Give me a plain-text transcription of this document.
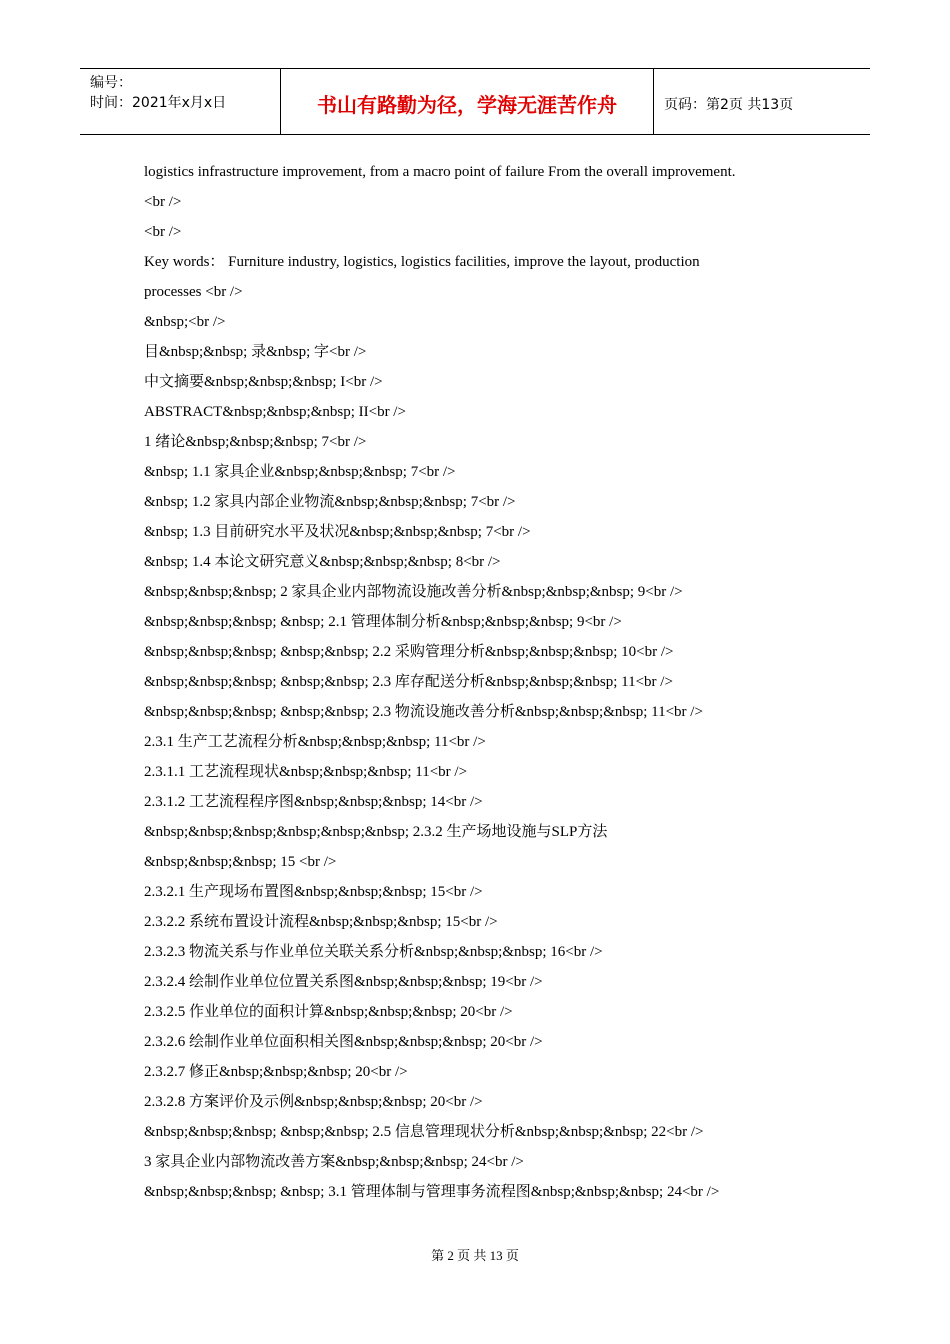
编号：
时间：2021年x月x日	书山有路勤为径，学海无涯苦作舟	页码：第2页 共13页
logistics infrastructure improvement, from a macro point of failure From the overall improvement.
<br />
<br />
Key words： Furniture industry, logistics, logistics facilities, improve the layout, production
processes <br />
&nbsp;<br />
目&nbsp;&nbsp; 录&nbsp; 字<br />
中文摘要&nbsp;&nbsp;&nbsp; I<br />
ABSTRACT&nbsp;&nbsp;&nbsp; II<br />
1 绪论&nbsp;&nbsp;&nbsp; 7<br />
&nbsp; 1.1 家具企业&nbsp;&nbsp;&nbsp; 7<br />
&nbsp; 1.2 家具内部企业物流&nbsp;&nbsp;&nbsp; 7<br />
&nbsp; 1.3 目前研究水平及状况&nbsp;&nbsp;&nbsp; 7<br />
&nbsp; 1.4 本论文研究意义&nbsp;&nbsp;&nbsp; 8<br />
&nbsp;&nbsp;&nbsp; 2 家具企业内部物流设施改善分析&nbsp;&nbsp;&nbsp; 9<br />
&nbsp;&nbsp;&nbsp; &nbsp; 2.1 管理体制分析&nbsp;&nbsp;&nbsp; 9<br />
&nbsp;&nbsp;&nbsp; &nbsp;&nbsp; 2.2 采购管理分析&nbsp;&nbsp;&nbsp; 10<br />
&nbsp;&nbsp;&nbsp; &nbsp;&nbsp; 2.3 库存配送分析&nbsp;&nbsp;&nbsp; 11<br />
&nbsp;&nbsp;&nbsp; &nbsp;&nbsp; 2.3 物流设施改善分析&nbsp;&nbsp;&nbsp; 11<br />
2.3.1 生产工艺流程分析&nbsp;&nbsp;&nbsp; 11<br />
2.3.1.1 工艺流程现状&nbsp;&nbsp;&nbsp; 11<br />
2.3.1.2 工艺流程程序图&nbsp;&nbsp;&nbsp; 14<br />
&nbsp;&nbsp;&nbsp;&nbsp;&nbsp;&nbsp; 2.3.2 生产场地设施与SLP方法
&nbsp;&nbsp;&nbsp; 15 <br />
2.3.2.1 生产现场布置图&nbsp;&nbsp;&nbsp; 15<br />
2.3.2.2 系统布置设计流程&nbsp;&nbsp;&nbsp; 15<br />
2.3.2.3 物流关系与作业单位关联关系分析&nbsp;&nbsp;&nbsp; 16<br />
2.3.2.4 绘制作业单位位置关系图&nbsp;&nbsp;&nbsp; 19<br />
2.3.2.5 作业单位的面积计算&nbsp;&nbsp;&nbsp; 20<br />
2.3.2.6 绘制作业单位面积相关图&nbsp;&nbsp;&nbsp; 20<br />
2.3.2.7 修正&nbsp;&nbsp;&nbsp; 20<br />
2.3.2.8 方案评价及示例&nbsp;&nbsp;&nbsp; 20<br />
&nbsp;&nbsp;&nbsp; &nbsp;&nbsp; 2.5 信息管理现状分析&nbsp;&nbsp;&nbsp; 22<br />
3 家具企业内部物流改善方案&nbsp;&nbsp;&nbsp; 24<br />
&nbsp;&nbsp;&nbsp; &nbsp; 3.1 管理体制与管理事务流程图&nbsp;&nbsp;&nbsp; 24<br />
第 2 页 共 13 页
